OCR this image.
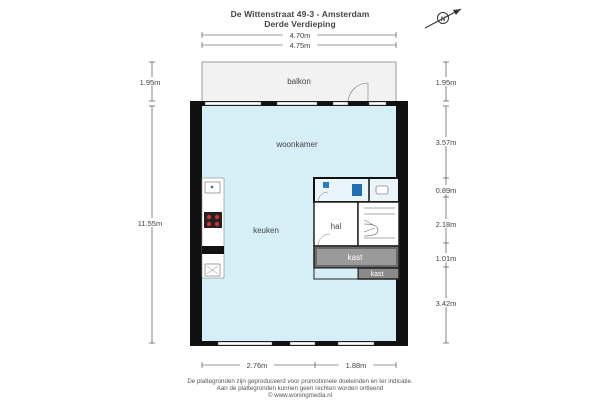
De Wittenstraat 49-3 - Amsterdam
Derde Verdieping	N
4.70m
4.75m
1.95m
11.55m
1.95m
3.57m
0.89m
2.18m
1.01m
3.42m
2.76m	1.88m
balkon
woonkamer
keuken	hal
kast
kast
De plattegronden zijn geproduceerd voor promotionele doeleinden en ter indicatie.
Aan de plattegronden kunnen geen rechten worden ontleend
© www.woningmedia.nl
